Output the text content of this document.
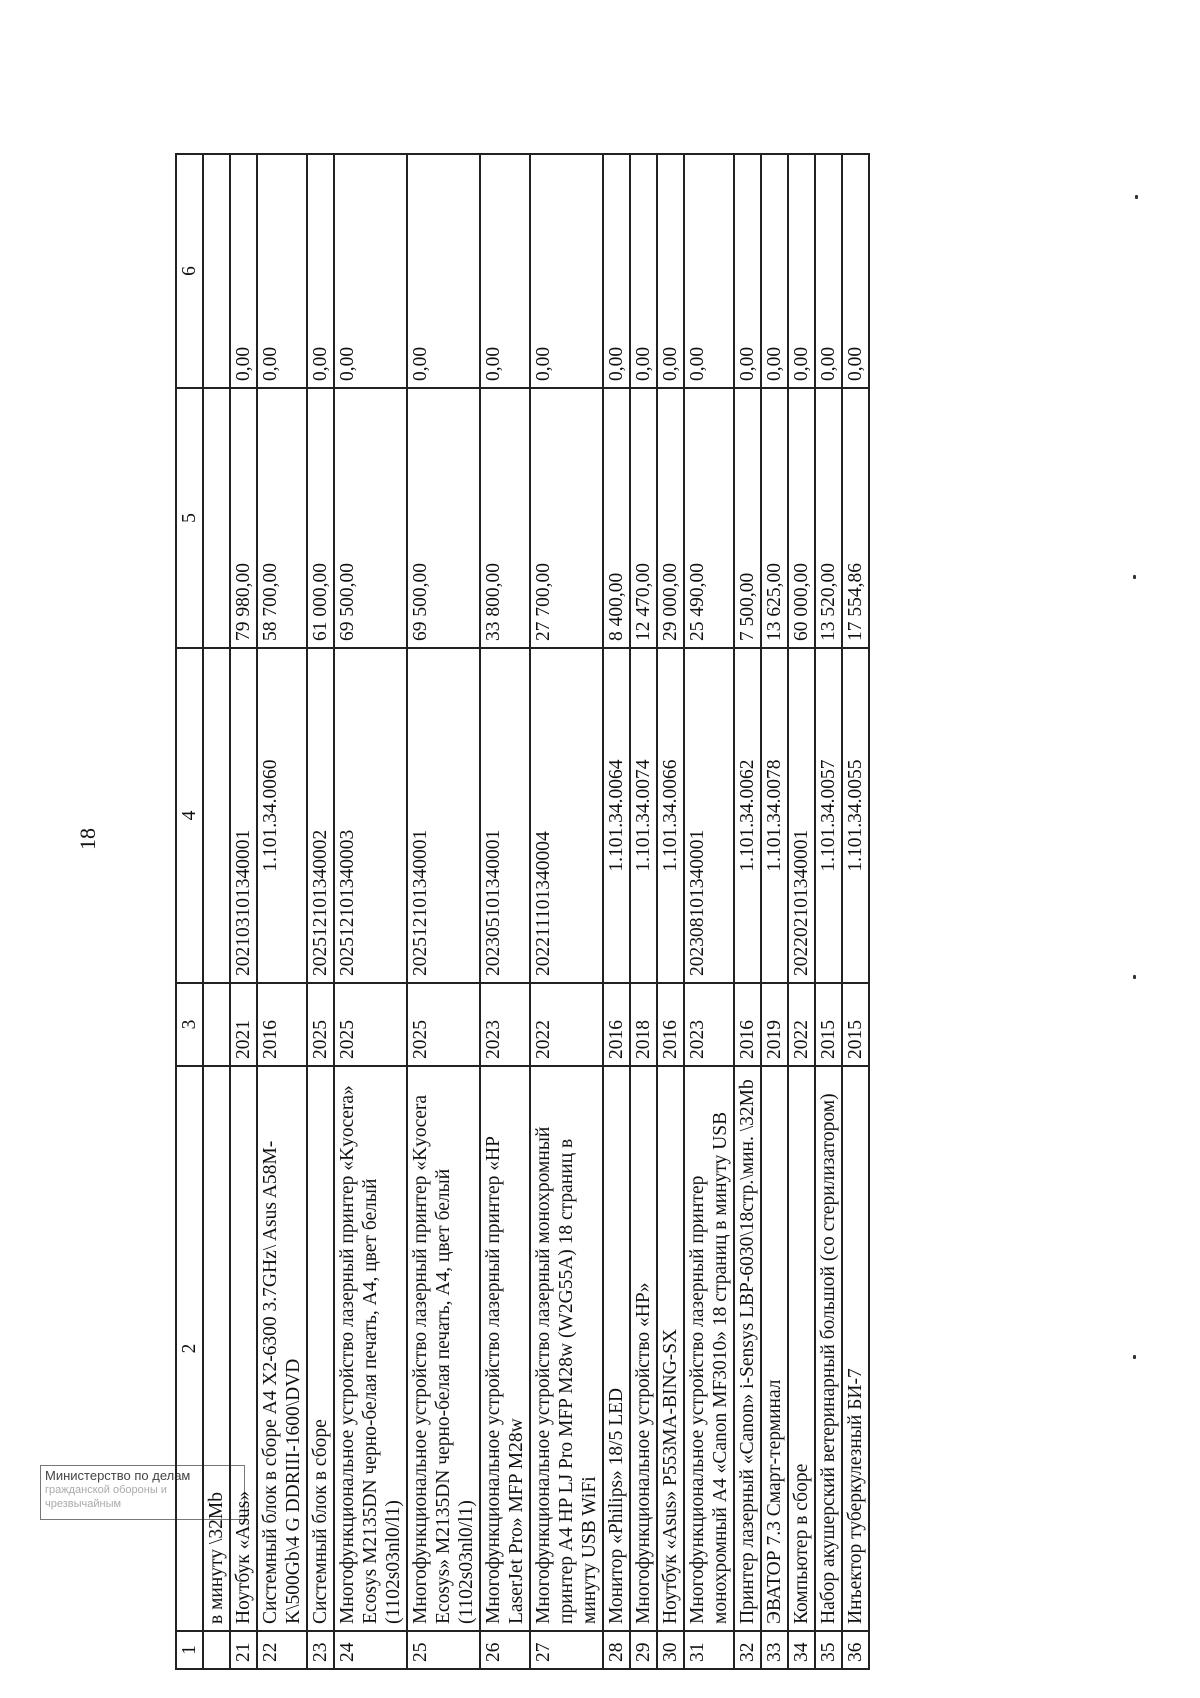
Министерство по делам
гражданской обороны и чрезвычайным
18
1	2	3	4	5	6
	в минуту \32Mb				
21	Ноутбук «Asus»	2021	20210310134000​1	79 980,00	0,00
22	Системный блок в сборе A4 X2-6300 3.7GHz\ Asus A58M-K\500Gb\4 G DDRIII-1600\DVD	2016	1.101.34.0060	58 700,00	0,00
23	Системный блок в сборе	2025	202512101340002	61 000,00	0,00
24	Многофункциональное устройство лазерный принтер «Kyocera» Ecosys M2135DN черно-белая печать, А4, цвет белый (1102s03nl0/l1)	2025	202512101340003	69 500,00	0,00
25	Многофункциональное устройство лазерный принтер «Kyocera Ecosys» M2135DN черно-белая печать, А4, цвет белый (1102s03nl0/l1)	2025	202512101340001	69 500,00	0,00
26	Многофункциональное устройство лазерный принтер «HP LaserJet Pro» MFP M28w	2023	202305101340001	33 800,00	0,00
27	Многофункциональное устройство лазерный монохромный принтер A4 HP LJ Pro MFP M28w (W2G55A) 18 страниц в минуту USB WiFi	2022	202211101340004	27 700,00	0,00
28	Монитор «Philips» 18/5 LED	2016	1.101.34.0064	8 400,00	0,00
29	Многофункциональное устройство «HP»	2018	1.101.34.0074	12 470,00	0,00
30	Ноутбук «Asus» P553MA-BING-SX	2016	1.101.34.0066	29 000,00	0,00
31	Многофункциональное устройство лазерный принтер монохромный A4 «Canon MF3010» 18 страниц в минуту USB	2023	202308101340001	25 490,00	0,00
32	Принтер лазерный «Canon» i-Sensys LBP-6030\18стр.\мин. \32Mb	2016	1.101.34.0062	7 500,00	0,00
33	ЭВАТОР 7.3 Смарт-терминал	2019	1.101.34.0078	13 625,00	0,00
34	Компьютер в сборе	2022	202202101340001	60 000,00	0,00
35	Набор акушерский ветеринарный большой (со стерилизатором)	2015	1.101.34.0057	13 520,00	0,00
36	Инъектор туберкулезный БИ-7	2015	1.101.34.0055	17 554,86	0,00
